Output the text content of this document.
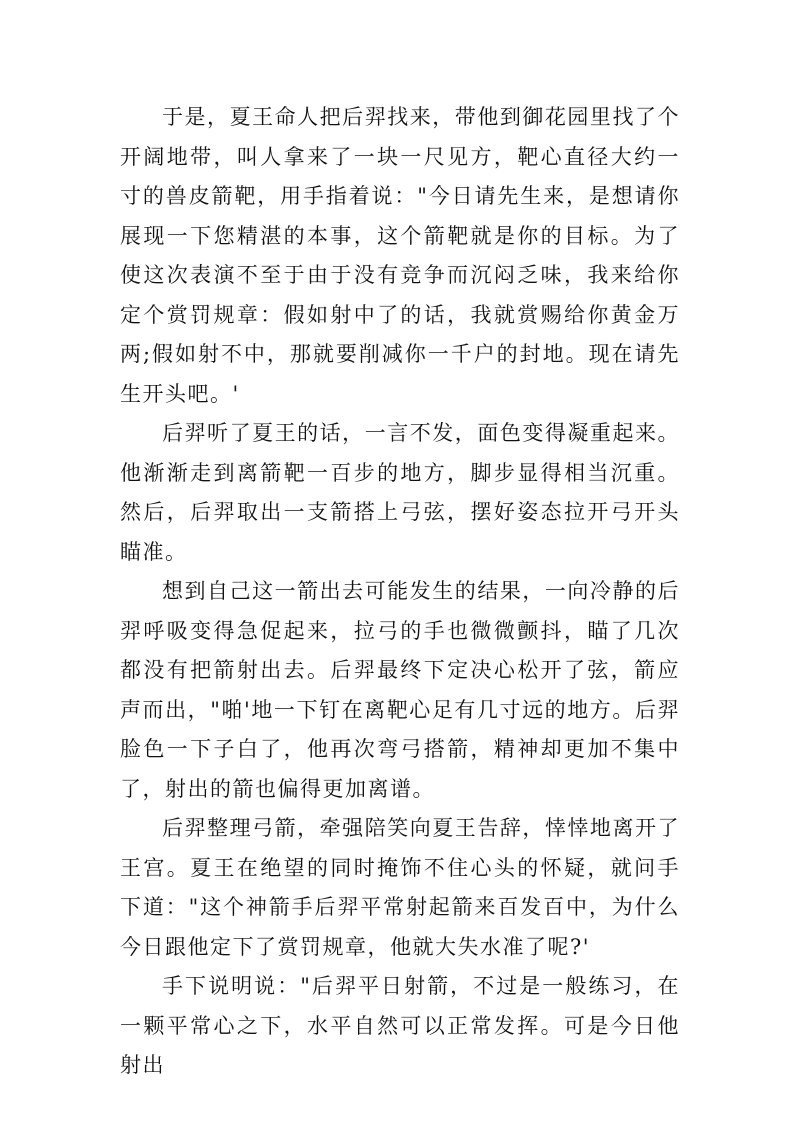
于是，夏王命人把后羿找来，带他到御花园里找了个开阔地带，叫人拿来了一块一尺见方，靶心直径大约一寸的兽皮箭靶，用手指着说："今日请先生来，是想请你展现一下您精湛的本事，这个箭靶就是你的目标。为了使这次表演不至于由于没有竞争而沉闷乏味，我来给你定个赏罚规章：假如射中了的话，我就赏赐给你黄金万两;假如射不中，那就要削减你一千户的封地。现在请先生开头吧。'

后羿听了夏王的话，一言不发，面色变得凝重起来。他渐渐走到离箭靶一百步的地方，脚步显得相当沉重。然后，后羿取出一支箭搭上弓弦，摆好姿态拉开弓开头瞄准。

想到自己这一箭出去可能发生的结果，一向冷静的后羿呼吸变得急促起来，拉弓的手也微微颤抖，瞄了几次都没有把箭射出去。后羿最终下定决心松开了弦，箭应声而出，"啪'地一下钉在离靶心足有几寸远的地方。后羿脸色一下子白了，他再次弯弓搭箭，精神却更加不集中了，射出的箭也偏得更加离谱。

后羿整理弓箭，牵强陪笑向夏王告辞，悻悻地离开了王宫。夏王在绝望的同时掩饰不住心头的怀疑，就问手下道："这个神箭手后羿平常射起箭来百发百中，为什么今日跟他定下了赏罚规章，他就大失水准了呢?'

手下说明说："后羿平日射箭，不过是一般练习，在一颗平常心之下，水平自然可以正常发挥。可是今日他射出
